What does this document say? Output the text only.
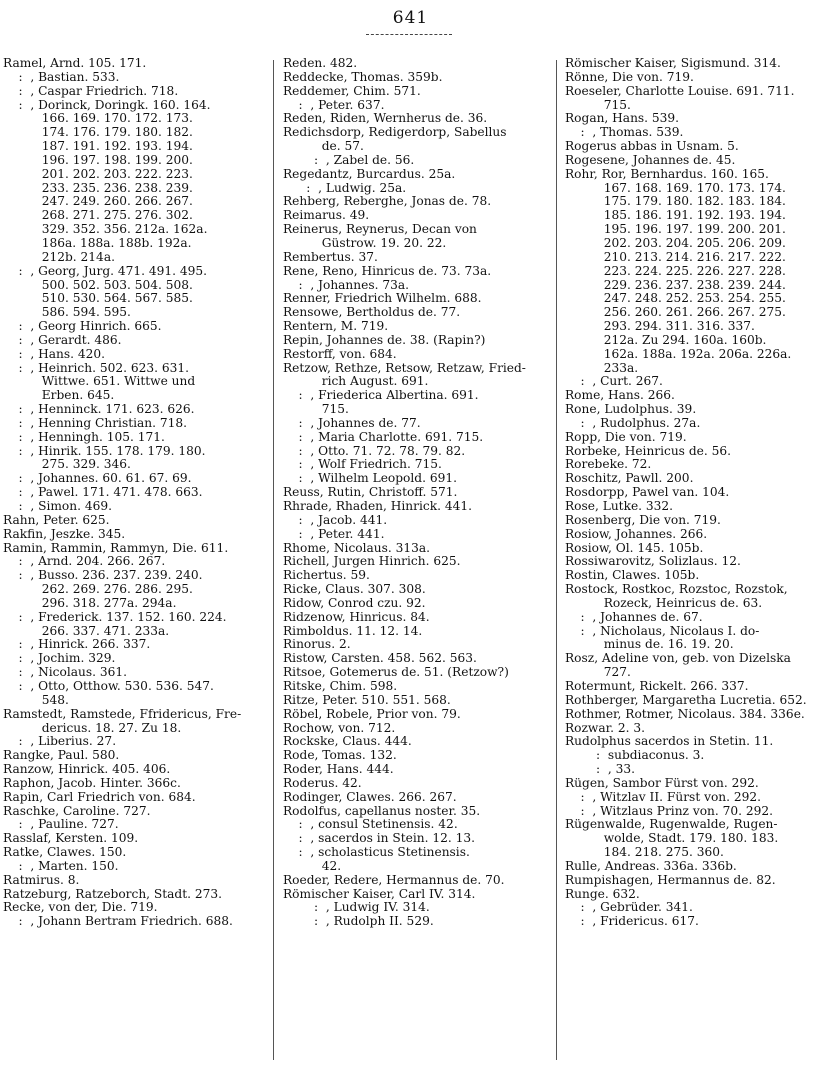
641
Ramel, Arnd. 105. 171.
:  , Bastian. 533.
:  , Caspar Friedrich. 718.
:  , Dorinck, Doringk. 160. 164.
166. 169. 170. 172. 173.
174. 176. 179. 180. 182.
187. 191. 192. 193. 194.
196. 197. 198. 199. 200.
201. 202. 203. 222. 223.
233. 235. 236. 238. 239.
247. 249. 260. 266. 267.
268. 271. 275. 276. 302.
329. 352. 356. 212a. 162a.
186a. 188a. 188b. 192a.
212b. 214a.
:  , Georg, Jurg. 471. 491. 495.
500. 502. 503. 504. 508.
510. 530. 564. 567. 585.
586. 594. 595.
:  , Georg Hinrich. 665.
:  , Gerardt. 486.
:  , Hans. 420.
:  , Heinrich. 502. 623. 631.
Wittwe. 651. Wittwe und
Erben. 645.
:  , Henninck. 171. 623. 626.
:  , Henning Christian. 718.
:  , Henningh. 105. 171.
:  , Hinrik. 155. 178. 179. 180.
275. 329. 346.
:  , Johannes. 60. 61. 67. 69.
:  , Pawel. 171. 471. 478. 663.
:  , Simon. 469.
Rahn, Peter. 625.
Rakfin, Jeszke. 345.
Ramin, Rammin, Rammyn, Die. 611.
:  , Arnd. 204. 266. 267.
:  , Busso. 236. 237. 239. 240.
262. 269. 276. 286. 295.
296. 318. 277a. 294a.
:  , Frederick. 137. 152. 160. 224.
266. 337. 471. 233a.
:  , Hinrick. 266. 337.
:  , Jochim. 329.
:  , Nicolaus. 361.
:  , Otto, Otthow. 530. 536. 547.
548.
Ramstedt, Ramstede, Ffridericus, Fre-
dericus. 18. 27. Zu 18.
:  , Liberius. 27.
Rangke, Paul. 580.
Ranzow, Hinrick. 405. 406.
Raphon, Jacob. Hinter. 366c.
Rapin, Carl Friedrich von. 684.
Raschke, Caroline. 727.
:  , Pauline. 727.
Rasslaf, Kersten. 109.
Ratke, Clawes. 150.
:  , Marten. 150.
Ratmirus. 8.
Ratzeburg, Ratzeborch, Stadt. 273.
Recke, von der, Die. 719.
:  , Johann Bertram Friedrich. 688.
Reden. 482.
Reddecke, Thomas. 359b.
Reddemer, Chim. 571.
:  , Peter. 637.
Reden, Riden, Wernherus de. 36.
Redichsdorp, Redigerdorp, Sabellus
de. 57.
:  , Zabel de. 56.
Regedantz, Burcardus. 25a.
:  , Ludwig. 25a.
Rehberg, Reberghe, Jonas de. 78.
Reimarus. 49.
Reinerus, Reynerus, Decan von
Güstrow. 19. 20. 22.
Rembertus. 37.
Rene, Reno, Hinricus de. 73. 73a.
:  , Johannes. 73a.
Renner, Friedrich Wilhelm. 688.
Rensowe, Bertholdus de. 77.
Rentern, M. 719.
Repin, Johannes de. 38. (Rapin?)
Restorff, von. 684.
Retzow, Rethze, Retsow, Retzaw, Fried-
rich August. 691.
:  , Friederica Albertina. 691.
715.
:  , Johannes de. 77.
:  , Maria Charlotte. 691. 715.
:  , Otto. 71. 72. 78. 79. 82.
:  , Wolf Friedrich. 715.
:  , Wilhelm Leopold. 691.
Reuss, Rutin, Christoff. 571.
Rhrade, Rhaden, Hinrick. 441.
:  , Jacob. 441.
:  , Peter. 441.
Rhome, Nicolaus. 313a.
Richell, Jurgen Hinrich. 625.
Richertus. 59.
Ricke, Claus. 307. 308.
Ridow, Conrod czu. 92.
Ridzenow, Hinricus. 84.
Rimboldus. 11. 12. 14.
Rinorus. 2.
Ristow, Carsten. 458. 562. 563.
Ritsoe, Gotemerus de. 51. (Retzow?)
Ritske, Chim. 598.
Ritze, Peter. 510. 551. 568.
Röbel, Robele, Prior von. 79.
Rochow, von. 712.
Rockske, Claus. 444.
Rode, Tomas. 132.
Roder, Hans. 444.
Roderus. 42.
Rodinger, Clawes. 266. 267.
Rodolfus, capellanus noster. 35.
:  , consul Stetinensis. 42.
:  , sacerdos in Stein. 12. 13.
:  , scholasticus Stetinensis.
42.
Roeder, Redere, Hermannus de. 70.
Römischer Kaiser, Carl IV. 314.
:  , Ludwig IV. 314.
:  , Rudolph II. 529.
Römischer Kaiser, Sigismund. 314.
Rönne, Die von. 719.
Roeseler, Charlotte Louise. 691. 711.
715.
Rogan, Hans. 539.
:  , Thomas. 539.
Rogerus abbas in Usnam. 5.
Rogesene, Johannes de. 45.
Rohr, Ror, Bernhardus. 160. 165.
167. 168. 169. 170. 173. 174.
175. 179. 180. 182. 183. 184.
185. 186. 191. 192. 193. 194.
195. 196. 197. 199. 200. 201.
202. 203. 204. 205. 206. 209.
210. 213. 214. 216. 217. 222.
223. 224. 225. 226. 227. 228.
229. 236. 237. 238. 239. 244.
247. 248. 252. 253. 254. 255.
256. 260. 261. 266. 267. 275.
293. 294. 311. 316. 337.
212a. Zu 294. 160a. 160b.
162a. 188a. 192a. 206a. 226a.
233a.
:  , Curt. 267.
Rome, Hans. 266.
Rone, Ludolphus. 39.
:  , Rudolphus. 27a.
Ropp, Die von. 719.
Rorbeke, Heinricus de. 56.
Rorebeke. 72.
Roschitz, Pawll. 200.
Rosdorpp, Pawel van. 104.
Rose, Lutke. 332.
Rosenberg, Die von. 719.
Rosiow, Johannes. 266.
Rosiow, Ol. 145. 105b.
Rossiwarovitz, Solizlaus. 12.
Rostin, Clawes. 105b.
Rostock, Rostkoc, Rozstoc, Rozstok,
Rozeck, Heinricus de. 63.
:  , Johannes de. 67.
:  , Nicholaus, Nicolaus I. do-
minus de. 16. 19. 20.
Rosz, Adeline von, geb. von Dizelska
727.
Rotermunt, Rickelt. 266. 337.
Rothberger, Margaretha Lucretia. 652.
Rothmer, Rotmer, Nicolaus. 384. 336e.
Rozwar. 2. 3.
Rudolphus sacerdos in Stetin. 11.
:  subdiaconus. 3.
:  , 33.
Rügen, Sambor Fürst von. 292.
:  , Witzlav II. Fürst von. 292.
:  , Witzlaus Prinz von. 70. 292.
Rügenwalde, Rugenwalde, Rugen-
wolde, Stadt. 179. 180. 183.
184. 218. 275. 360.
Rulle, Andreas. 336a. 336b.
Rumpishagen, Hermannus de. 82.
Runge. 632.
:  , Gebrüder. 341.
:  , Fridericus. 617.
